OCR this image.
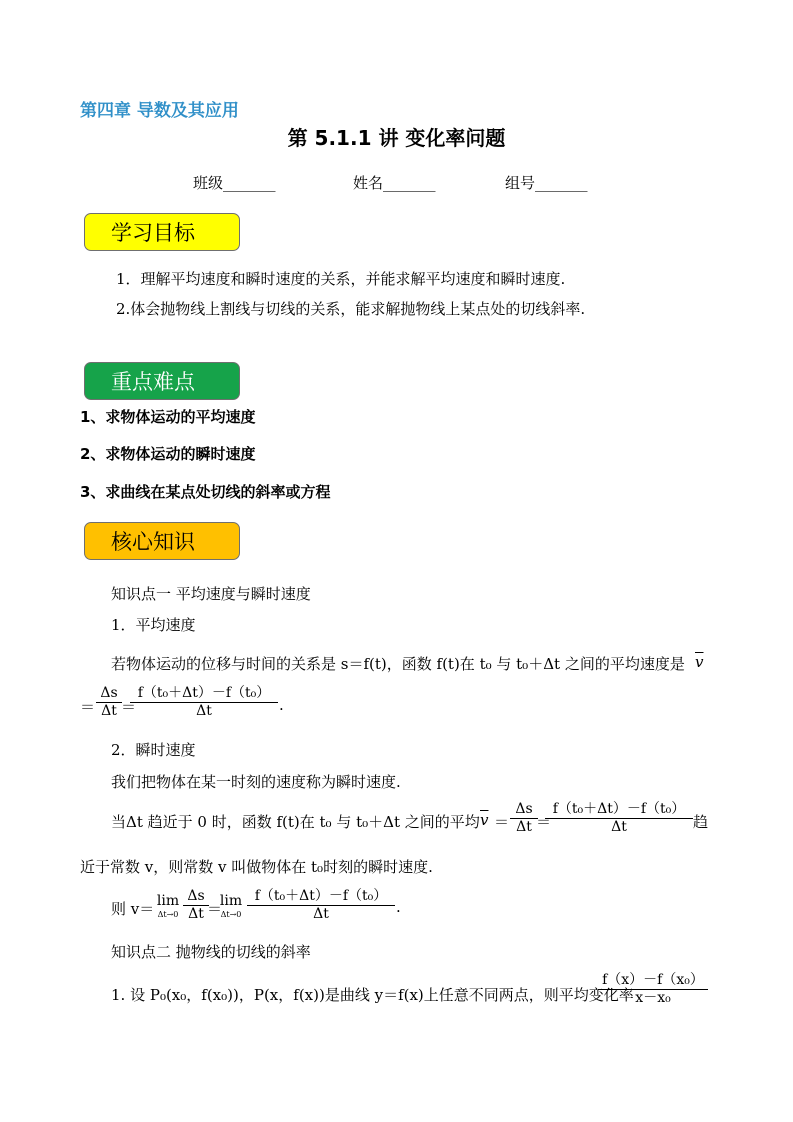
第四章 导数及其应用
第 5.1.1 讲 变化率问题
班级_______	姓名_______	组号_______
学习目标
1．理解平均速度和瞬时速度的关系，并能求解平均速度和瞬时速度.
2.体会抛物线上割线与切线的关系，能求解抛物线上某点处的切线斜率.
重点难点
1、求物体运动的平均速度
2、求物体运动的瞬时速度
3、求曲线在某点处切线的斜率或方程
核心知识
知识点一 平均速度与瞬时速度
1．平均速度
若物体运动的位移与时间的关系是 s＝f(t)，函数 f(t)在 t₀ 与 t₀＋Δt 之间的平均速度是 $\overline{v}$
＝
Δs
Δt ＝
f（t₀＋Δt）－f（t₀）
Δt	.
2．瞬时速度
我们把物体在某一时刻的速度称为瞬时速度.
当Δt 趋近于 0 时，函数 f(t)在 t₀ 与 t₀＋Δt 之间的平均 $\overline{v}$ ＝
Δs
Δt ＝
f（t₀＋Δt）－f（t₀）
Δt	趋
近于常数 v，则常数 v 叫做物体在 t₀时刻的瞬时速度.
则 v＝ lim
Δt→0
Δs
Δt ＝
lim
Δt→0
f（t₀＋Δt）－f（t₀）
Δt	.
知识点二 抛物线的切线的斜率
1. 设 P₀(x₀，f(x₀))，P(x，f(x))是曲线 y＝f(x)上任意不同两点，则平均变化率
f（x）－f（x₀）
x－x₀
